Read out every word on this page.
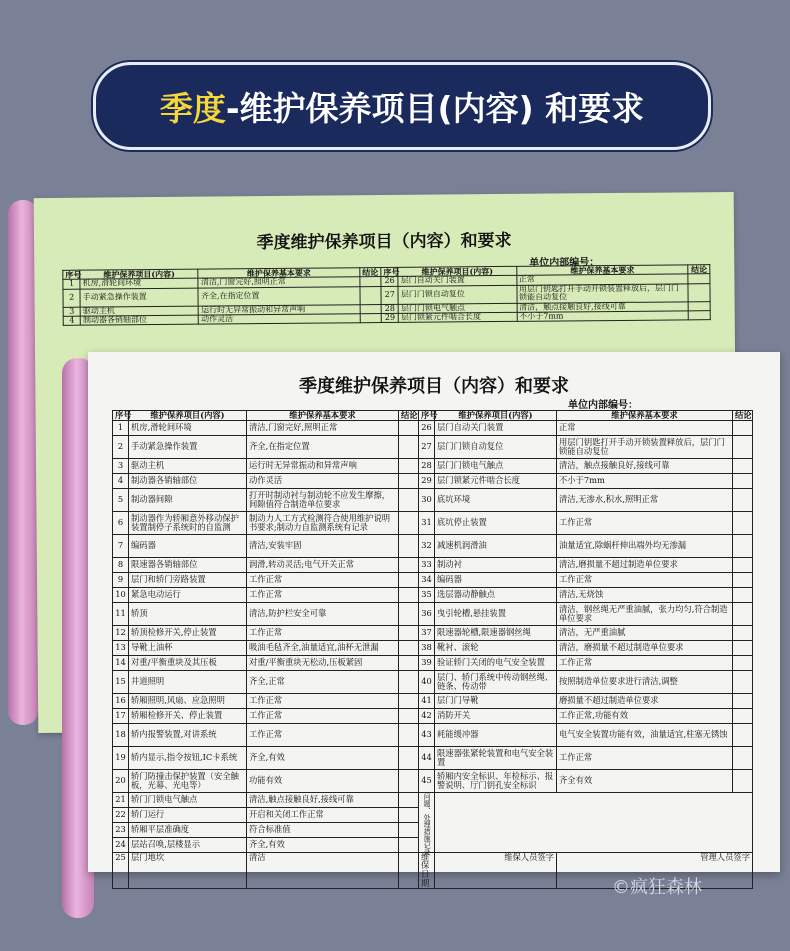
季度 -维护保养项目(内容) 和要求
季度维护保养项目（内容）和要求
单位内部编号：
序号	维护保养项目(内容)	维护保养基本要求	结论	序号	维护保养项目(内容)	维护保养基本要求	结论
1	机房,滑轮间环境	清洁,门窗完好,照明正常		26	层门自动关门装置	正常	
2	手动紧急操作装置	齐全,在指定位置		27	层门门锁自动复位	用层门钥匙打开手动开锁装置释放后，层门门锁能自动复位	
3	驱动主机	运行时无异常振动和异常声响		28	层门门锁电气触点	清洁，触点接触良好,接线可靠	
4	制动器各销轴部位	动作灵活		29	层门锁紧元件啮合长度	不小于7mm	
季度维护保养项目（内容）和要求
单位内部编号：
序号	维护保养项目(内容)	维护保养基本要求	结论	序号	维护保养项目(内容)	维护保养基本要求	结论
1	机房,滑轮间环境	清洁,门窗完好,照明正常		26	层门自动关门装置	正常	
2	手动紧急操作装置	齐全,在指定位置		27	层门门锁自动复位	用层门钥匙打开手动开锁装置释放后，层门门锁能自动复位	
3	驱动主机	运行时无异常振动和异常声响		28	层门门锁电气触点	清洁，触点接触良好,接线可靠	
4	制动器各销轴部位	动作灵活		29	层门锁紧元件啮合长度	不小于7mm	
5	制动器间隙	打开时制动衬与制动轮不应发生摩擦，间隙值符合制造单位要求		30	底坑环境	清洁,无渗水,积水,照明正常	
6	制动器作为轿厢意外移动保护装置制停子系统时的自监测	制动力人工方式检测符合使用维护说明书要求;制动力自监测系统有记录		31	底坑停止装置	工作正常	
7	编码器	清洁,安装牢固		32	减速机润滑油	油量适宜,除蜗杆伸出端外均无渗漏	
8	限速器各销轴部位	润滑,转动灵活;电气开关正常		33	制动衬	清洁,磨损量不超过制造单位要求	
9	层门和轿门旁路装置	工作正常		34	编码器	工作正常	
10	紧急电动运行	工作正常		35	选层器动静触点	清洁,无烧蚀	
11	轿顶	清洁,防护栏安全可靠		36	曳引轮槽,悬挂装置	清洁，钢丝绳无严重油腻，张力均匀,符合制造单位要求	
12	轿顶检修开关,停止装置	工作正常		37	限速器轮槽,限速器钢丝绳	清洁，无严重油腻	
13	导靴上油杯	吸油毛毡齐全,油量适宜,油杯无泄漏		38	靴衬、滚轮	清洁，磨损量不超过制造单位要求	
14	对重/平衡重块及其压板	对重/平衡重块无松动,压板紧固		39	验证轿门关闭的电气安全装置	工作正常	
15	井道照明	齐全,正常		40	层门、轿门系统中传动钢丝绳、链条、传动带	按照制造单位要求进行清洁,调整	
16	轿厢照明,风扇、应急照明	工作正常		41	层门门导靴	磨损量不超过制造单位要求	
17	轿厢检修开关、停止装置	工作正常		42	消防开关	工作正常,功能有效	
18	轿内报警装置,对讲系统	工作正常		43	耗能缓冲器	电气安全装置功能有效，油量适宜,柱塞无锈蚀	
19	轿内显示,指令按钮,IC卡系统	齐全,有效		44	限速器张紧轮装置和电气安全装置	工作正常	
20	轿门防撞击保护装置（安全触板，光幕、光电等）	功能有效		45	轿厢内安全标识、年检标示、报警说明、厅门钥孔安全标识	齐全有效	
21	轿门门锁电气触点	清洁,触点接触良好,接线可靠		问题、处理措施记录			
22	轿门运行	开启和关闭工作正常					
23	轿厢平层准确度	符合标准值					
24	层站召唤,层楼显示	齐全,有效					
25	层门地坎	清洁		维保日期	维保人员签字	管理人员签字	
©疯狂森林
